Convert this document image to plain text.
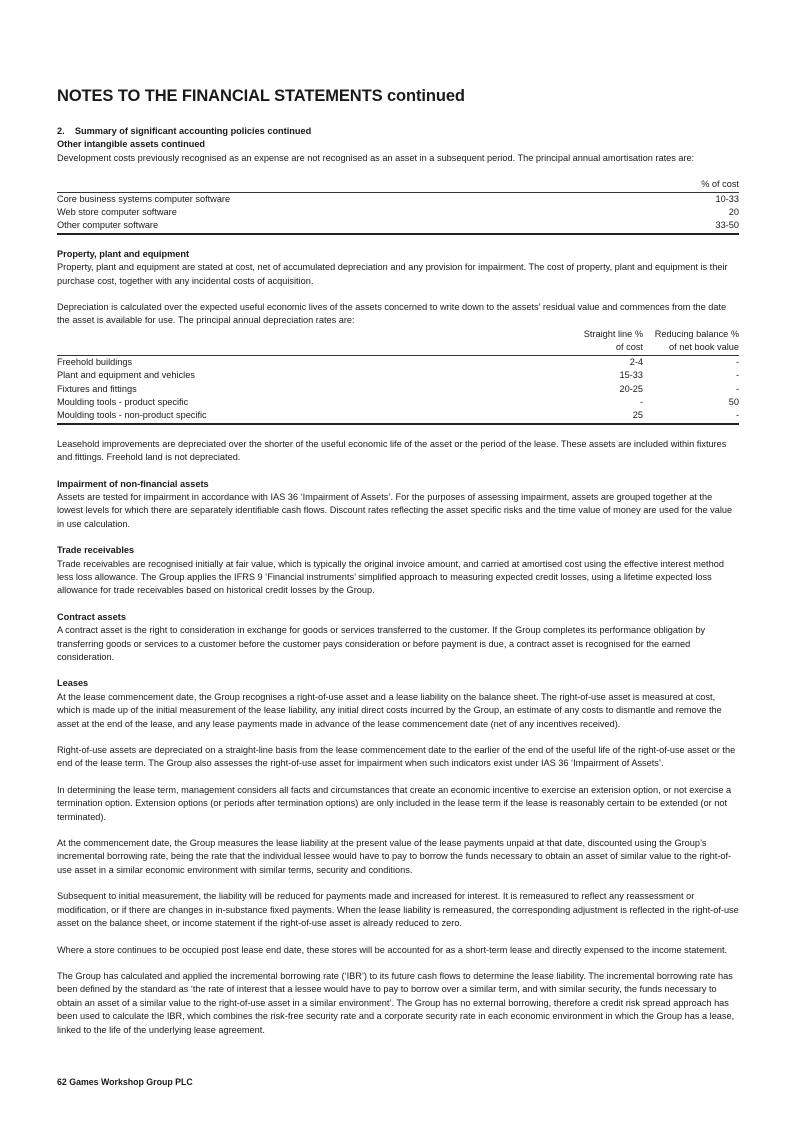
NOTES TO THE FINANCIAL STATEMENTS continued

2.    Summary of significant accounting policies continued

Other intangible assets continued

Development costs previously recognised as an expense are not recognised as an asset in a subsequent period. The principal annual amortisation rates are:

	% of cost
Core business systems computer software	10-33
Web store computer software	20
Other computer software	33-50

Property, plant and equipment

Property, plant and equipment are stated at cost, net of accumulated depreciation and any provision for impairment. The cost of property, plant and equipment is their purchase cost, together with any incidental costs of acquisition.

Depreciation is calculated over the expected useful economic lives of the assets concerned to write down to the assets’ residual value and commences from the date the asset is available for use. The principal annual depreciation rates are:

	Straight line %	Reducing balance %
	of cost	of net book value
Freehold buildings	2-4	-
Plant and equipment and vehicles	15-33	-
Fixtures and fittings	20-25	-
Moulding tools - product specific	-	50
Moulding tools - non-product specific	25	-

Leasehold improvements are depreciated over the shorter of the useful economic life of the asset or the period of the lease. These assets are included within fixtures and fittings. Freehold land is not depreciated.

Impairment of non-financial assets

Assets are tested for impairment in accordance with IAS 36 ‘Impairment of Assets’. For the purposes of assessing impairment, assets are grouped together at the lowest levels for which there are separately identifiable cash flows. Discount rates reflecting the asset specific risks and the time value of money are used for the value in use calculation.

Trade receivables

Trade receivables are recognised initially at fair value, which is typically the original invoice amount, and carried at amortised cost using the effective interest method less loss allowance. The Group applies the IFRS 9 ‘Financial instruments’ simplified approach to measuring expected credit losses, using a lifetime expected loss allowance for trade receivables based on historical credit losses by the Group.

Contract assets

A contract asset is the right to consideration in exchange for goods or services transferred to the customer. If the Group completes its performance obligation by transferring goods or services to a customer before the customer pays consideration or before payment is due, a contract asset is recognised for the earned consideration.

Leases

At the lease commencement date, the Group recognises a right-of-use asset and a lease liability on the balance sheet. The right-of-use asset is measured at cost, which is made up of the initial measurement of the lease liability, any initial direct costs incurred by the Group, an estimate of any costs to dismantle and remove the asset at the end of the lease, and any lease payments made in advance of the lease commencement date (net of any incentives received).

Right-of-use assets are depreciated on a straight-line basis from the lease commencement date to the earlier of the end of the useful life of the right-of-use asset or the end of the lease term. The Group also assesses the right-of-use asset for impairment when such indicators exist under IAS 36 ‘Impairment of Assets’.

In determining the lease term, management considers all facts and circumstances that create an economic incentive to exercise an extension option, or not exercise a termination option. Extension options (or periods after termination options) are only included in the lease term if the lease is reasonably certain to be extended (or not terminated).

At the commencement date, the Group measures the lease liability at the present value of the lease payments unpaid at that date, discounted using the Group’s incremental borrowing rate, being the rate that the individual lessee would have to pay to borrow the funds necessary to obtain an asset of similar value to the right-of-use asset in a similar economic environment with similar terms, security and conditions.

Subsequent to initial measurement, the liability will be reduced for payments made and increased for interest. It is remeasured to reflect any reassessment or modification, or if there are changes in in-substance fixed payments. When the lease liability is remeasured, the corresponding adjustment is reflected in the right-of-use asset on the balance sheet, or income statement if the right-of-use asset is already reduced to zero.

Where a store continues to be occupied post lease end date, these stores will be accounted for as a short-term lease and directly expensed to the income statement.

The Group has calculated and applied the incremental borrowing rate (‘IBR’) to its future cash flows to determine the lease liability. The incremental borrowing rate has been defined by the standard as ‘the rate of interest that a lessee would have to pay to borrow over a similar term, and with similar security, the funds necessary to obtain an asset of a similar value to the right-of-use asset in a similar environment’. The Group has no external borrowing, therefore a credit risk spread approach has been used to calculate the IBR, which combines the risk-free security rate and a corporate security rate in each economic environment in which the Group has a lease, linked to the life of the underlying lease agreement.

62 Games Workshop Group PLC
